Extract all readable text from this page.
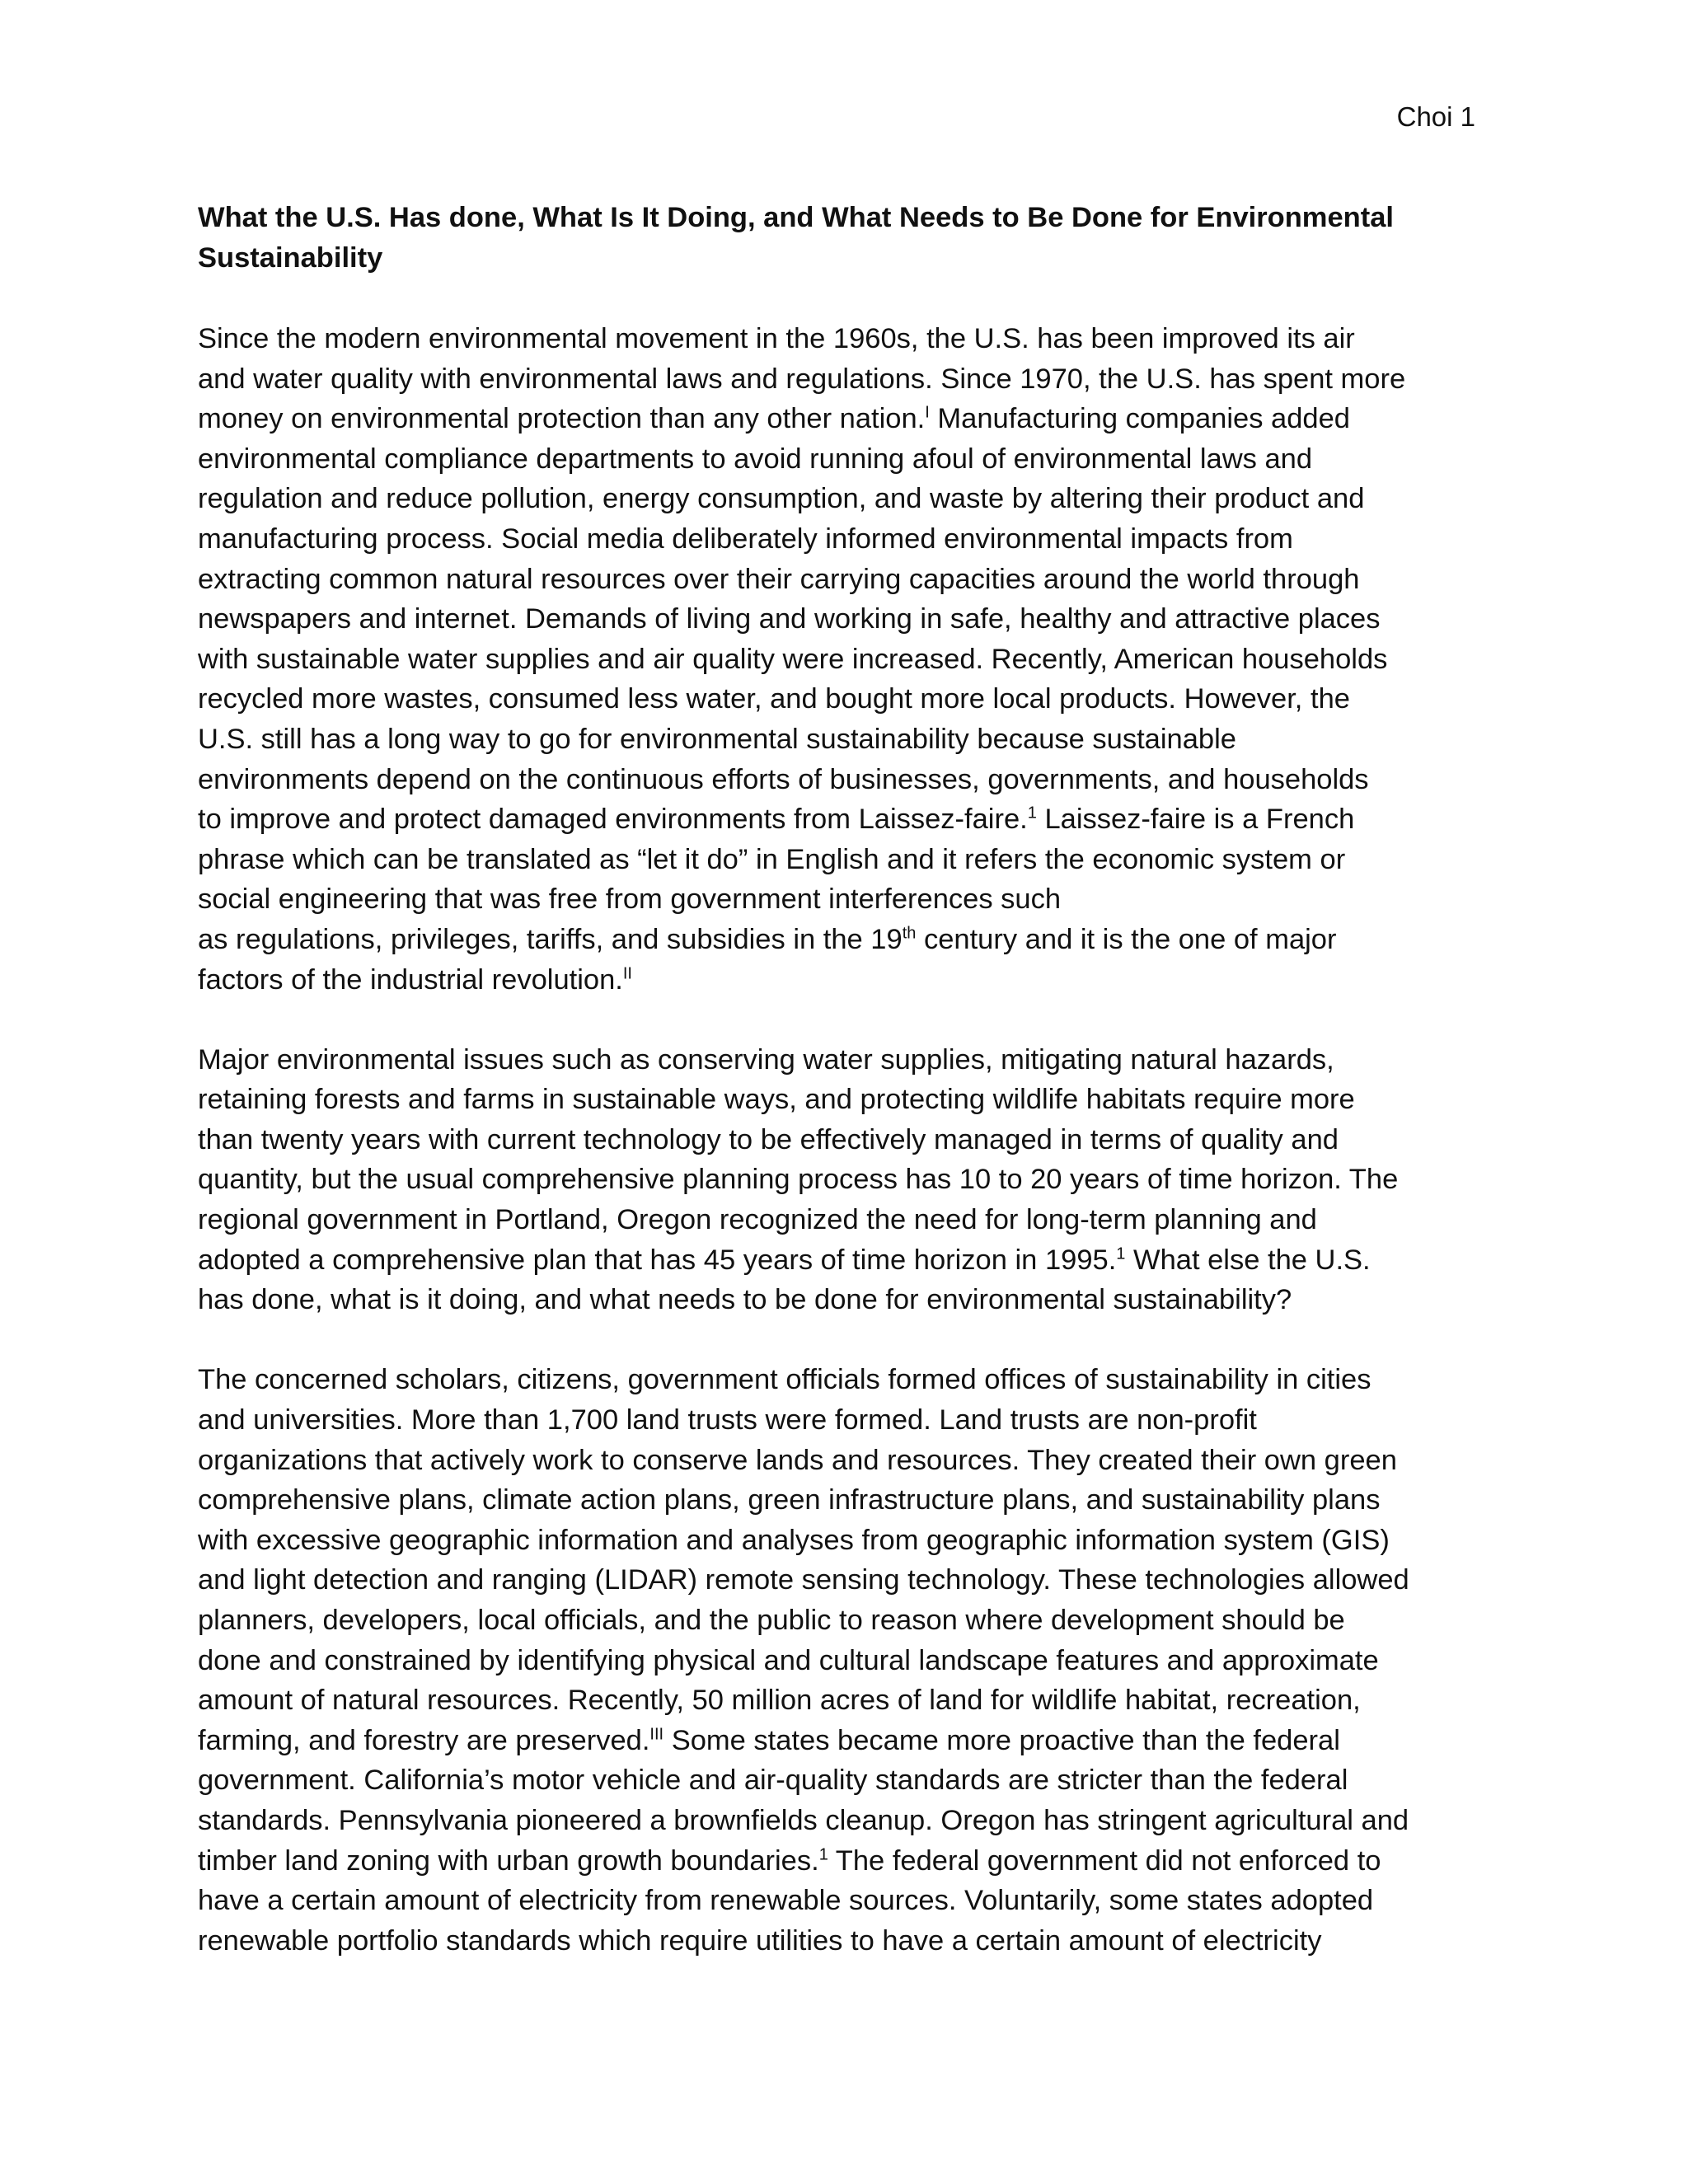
Choi 1
What the U.S. Has done, What Is It Doing, and What Needs to Be Done for Environmental
Sustainability
Since the modern environmental movement in the 1960s, the U.S. has been improved its air
and water quality with environmental laws and regulations. Since 1970, the U.S. has spent more
money on environmental protection than any other nation.$^I$ Manufacturing companies added
environmental compliance departments to avoid running afoul of environmental laws and
regulation and reduce pollution, energy consumption, and waste by altering their product and
manufacturing process. Social media deliberately informed environmental impacts from
extracting common natural resources over their carrying capacities around the world through
newspapers and internet. Demands of living and working in safe, healthy and attractive places
with sustainable water supplies and air quality were increased. Recently, American households
recycled more wastes, consumed less water, and bought more local products. However, the
U.S. still has a long way to go for environmental sustainability because sustainable
environments depend on the continuous efforts of businesses, governments, and households
to improve and protect damaged environments from Laissez-faire.$^1$ Laissez-faire is a French
phrase which can be translated as “let it do” in English and it refers the economic system or
social engineering that was free from government interferences such
as regulations, privileges, tariffs, and subsidies in the 19th century and it is the one of major
factors of the industrial revolution.$^{II}$
Major environmental issues such as conserving water supplies, mitigating natural hazards,
retaining forests and farms in sustainable ways, and protecting wildlife habitats require more
than twenty years with current technology to be effectively managed in terms of quality and
quantity, but the usual comprehensive planning process has 10 to 20 years of time horizon. The
regional government in Portland, Oregon recognized the need for long-term planning and
adopted a comprehensive plan that has 45 years of time horizon in 1995.$^1$ What else the U.S.
has done, what is it doing, and what needs to be done for environmental sustainability?
The concerned scholars, citizens, government officials formed offices of sustainability in cities
and universities. More than 1,700 land trusts were formed. Land trusts are non-profit
organizations that actively work to conserve lands and resources. They created their own green
comprehensive plans, climate action plans, green infrastructure plans, and sustainability plans
with excessive geographic information and analyses from geographic information system (GIS)
and light detection and ranging (LIDAR) remote sensing technology. These technologies allowed
planners, developers, local officials, and the public to reason where development should be
done and constrained by identifying physical and cultural landscape features and approximate
amount of natural resources. Recently, 50 million acres of land for wildlife habitat, recreation,
farming, and forestry are preserved.$^{III}$ Some states became more proactive than the federal
government. California’s motor vehicle and air-quality standards are stricter than the federal
standards. Pennsylvania pioneered a brownfields cleanup. Oregon has stringent agricultural and
timber land zoning with urban growth boundaries.$^1$ The federal government did not enforced to
have a certain amount of electricity from renewable sources. Voluntarily, some states adopted
renewable portfolio standards which require utilities to have a certain amount of electricity
